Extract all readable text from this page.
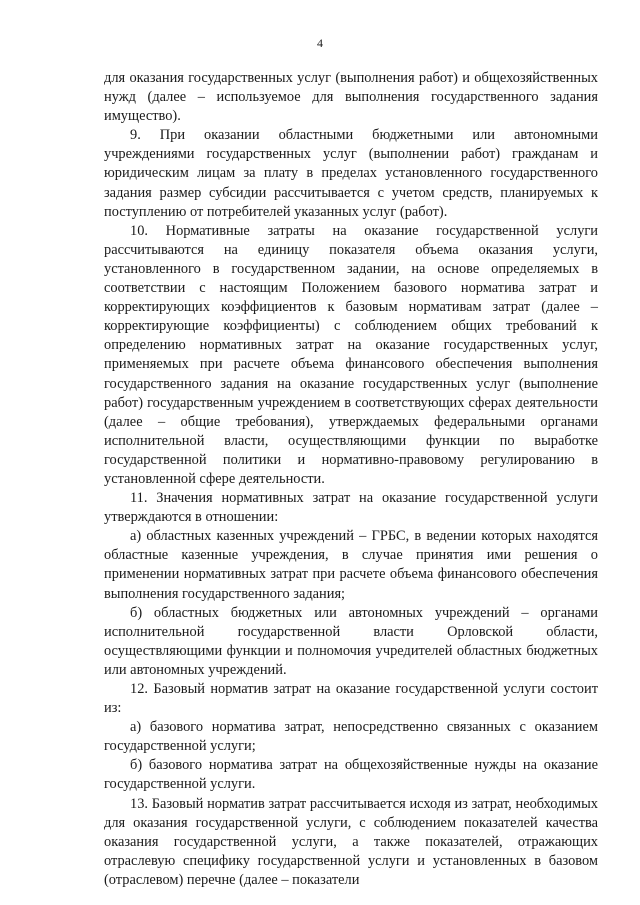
4

для оказания государственных услуг (выполнения работ) и общехозяйственных нужд (далее – используемое для выполнения государственного задания имущество).

9. При оказании областными бюджетными или автономными учреждениями государственных услуг (выполнении работ) гражданам и юридическим лицам за плату в пределах установленного государственного задания размер субсидии рассчитывается с учетом средств, планируемых к поступлению от потребителей указанных услуг (работ).

10. Нормативные затраты на оказание государственной услуги рассчитываются на единицу показателя объема оказания услуги, установленного в государственном задании, на основе определяемых в соответствии с настоящим Положением базового норматива затрат и корректирующих коэффициентов к базовым нормативам затрат (далее – корректирующие коэффициенты) с соблюдением общих требований к определению нормативных затрат на оказание государственных услуг, применяемых при расчете объема финансового обеспечения выполнения государственного задания на оказание государственных услуг (выполнение работ) государственным учреждением в соответствующих сферах деятельности (далее – общие требования), утверждаемых федеральными органами исполнительной власти, осуществляющими функции по выработке государственной политики и нормативно-правовому регулированию в установленной сфере деятельности.

11. Значения нормативных затрат на оказание государственной услуги утверждаются в отношении:

а) областных казенных учреждений – ГРБС, в ведении которых находятся областные казенные учреждения, в случае принятия ими решения о применении нормативных затрат при расчете объема финансового обеспечения выполнения государственного задания;

б) областных бюджетных или автономных учреждений – органами исполнительной государственной власти Орловской области, осуществляющими функции и полномочия учредителей областных бюджетных или автономных учреждений.

12. Базовый норматив затрат на оказание государственной услуги состоит из:

а) базового норматива затрат, непосредственно связанных с оказанием государственной услуги;

б) базового норматива затрат на общехозяйственные нужды на оказание государственной услуги.

13. Базовый норматив затрат рассчитывается исходя из затрат, необходимых для оказания государственной услуги, с соблюдением показателей качества оказания государственной услуги, а также показателей, отражающих отраслевую специфику государственной услуги и установленных в базовом (отраслевом) перечне (далее – показатели
